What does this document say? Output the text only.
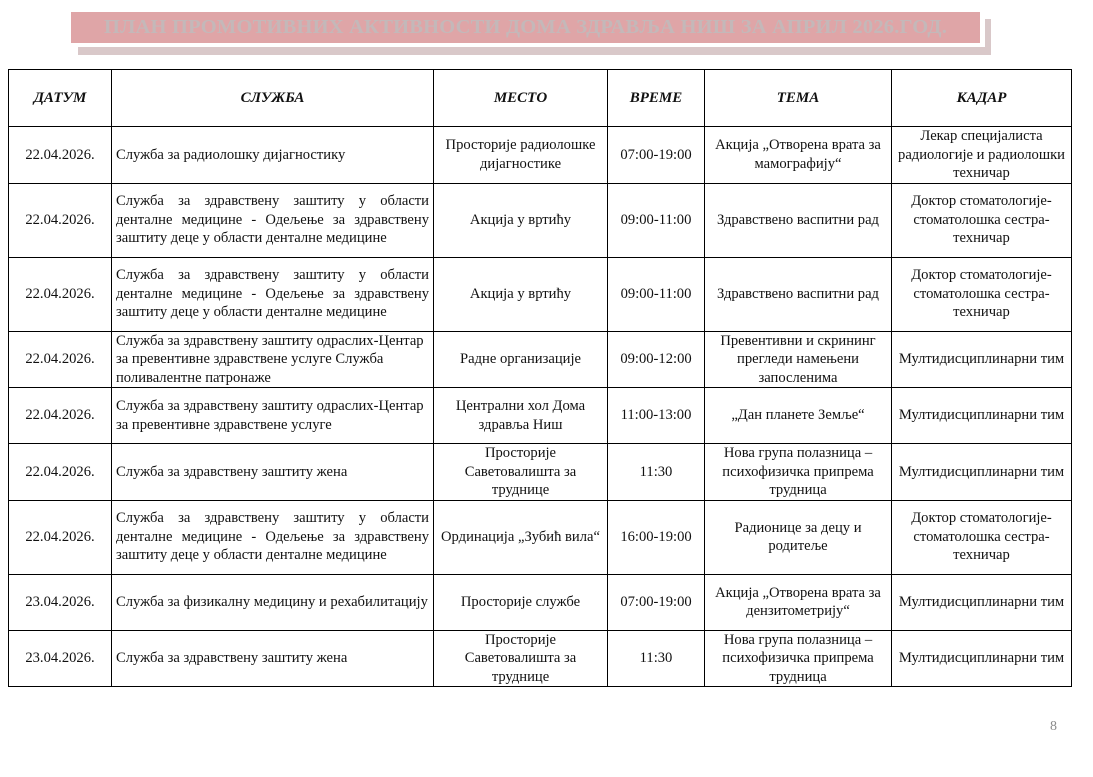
ПЛАН ПРОМОТИВНИХ АКТИВНОСТИ ДОМА ЗДРАВЉА НИШ ЗА АПРИЛ 2026.ГОД.
ДАТУМ	СЛУЖБА	МЕСТО	ВРЕМЕ	ТЕМА	КАДАР
22.04.2026.	Служба за радиолошку дијагностику	Просторије радиолошке дијагностике	07:00-19:00	Акција „Отворена врата за мамографију“	Лекар специјалиста радиологије и радиолошки техничар
22.04.2026.	Служба за здравствену заштиту у области денталне медицине - Одељење за здравствену заштиту деце у области денталне медицине	Акција у вртићу	09:00-11:00	Здравствено васпитни рад	Доктор стоматологије-стоматолошка сестра-техничар
22.04.2026.	Служба за здравствену заштиту у области денталне медицине - Одељење за здравствену заштиту деце у области денталне медицине	Акција у вртићу	09:00-11:00	Здравствено васпитни рад	Доктор стоматологије-стоматолошка сестра-техничар
22.04.2026.	Служба за здравствену заштиту одраслих-Центар за превентивне здравствене услуге Служба поливалентне патронаже	Радне организације	09:00-12:00	Превентивни и скрининг прегледи намењени запосленима	Мултидисциплинарни тим
22.04.2026.	Служба за здравствену заштиту одраслих-Центар за превентивне здравствене услуге	Централни хол Дома здравља Ниш	11:00-13:00	„Дан планете Земље“	Мултидисциплинарни тим
22.04.2026.	Служба за здравствену заштиту жена	Просторије Саветовалишта за труднице	11:30	Нова група полазница – психофизичка припрема трудница	Мултидисциплинарни тим
22.04.2026.	Служба за здравствену заштиту у области денталне медицине - Одељење за здравствену заштиту деце у области денталне медицине	Ординација „Зубић вила“	16:00-19:00	Радионице за децу и родитеље	Доктор стоматологије-стоматолошка сестра-техничар
23.04.2026.	Служба за физикалну медицину и рехабилитацију	Просторије службе	07:00-19:00	Акција „Отворена врата за дензитометрију“	Мултидисциплинарни тим
23.04.2026.	Служба за здравствену заштиту жена	Просторије Саветовалишта за труднице	11:30	Нова група полазница – психофизичка припрема трудница	Мултидисциплинарни тим
8
